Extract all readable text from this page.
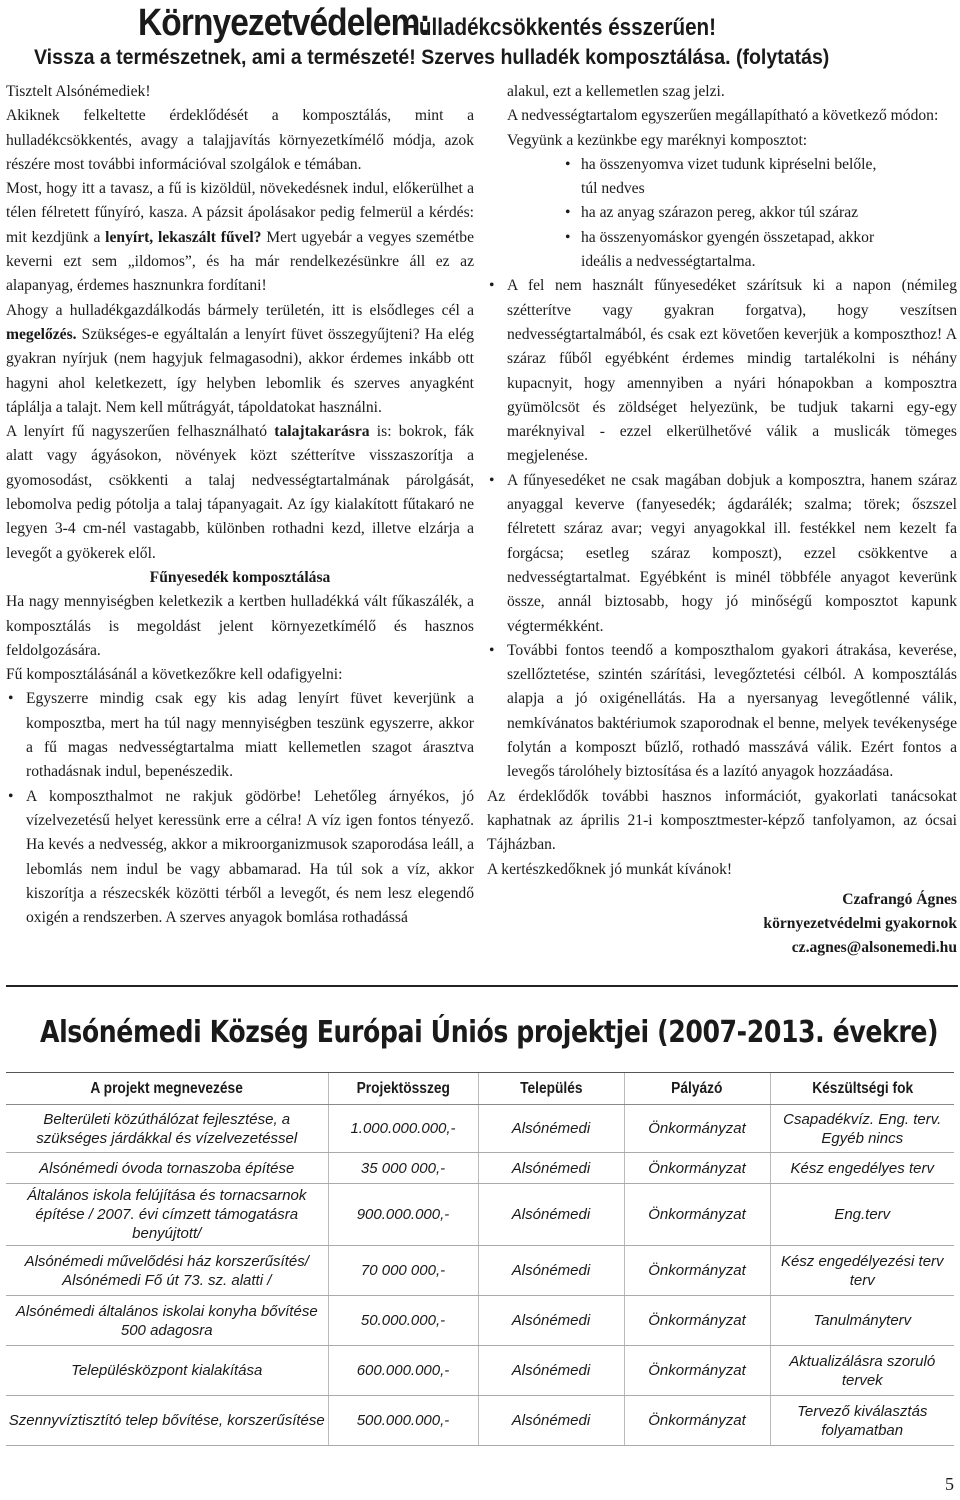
Környezetvédelem: Hulladékcsökkentés ésszerűen!
Vissza a természetnek, ami a természeté! Szerves hulladék komposztálása. (folytatás)

Tisztelt Alsónémediek!

Akiknek felkeltette érdeklődését a komposztálás, mint a hulladékcsökkentés, avagy a talajjavítás környezetkímélő módja, azok részére most további információval szolgálok e témában.

Most, hogy itt a tavasz, a fű is kizöldül, növekedésnek indul, előkerülhet a télen félretett fűnyíró, kasza. A pázsit ápolásakor pedig felmerül a kérdés: mit kezdjünk a lenyírt, lekaszált fűvel? Mert ugyebár a vegyes szemétbe keverni ezt sem „ildomos”, és ha már rendelkezésünkre áll ez az alapanyag, érdemes hasznunkra fordítani!

Ahogy a hulladékgazdálkodás bármely területén, itt is elsődleges cél a megelőzés. Szükséges-e egyáltalán a lenyírt füvet összegyűjteni? Ha elég gyakran nyírjuk (nem hagyjuk felmagasodni), akkor érdemes inkább ott hagyni ahol keletkezett, így helyben lebomlik és szerves anyagként táplálja a talajt. Nem kell műtrágyát, tápoldatokat használni.

A lenyírt fű nagyszerűen felhasználható talajtakarásra is: bokrok, fák alatt vagy ágyásokon, növények közt szétterítve visszaszorítja a gyomosodást, csökkenti a talaj nedvességtartalmának párolgását, lebomolva pedig pótolja a talaj tápanyagait. Az így kialakított fűtakaró ne legyen 3-4 cm-nél vastagabb, különben rothadni kezd, illetve elzárja a levegőt a gyökerek elől.

Fűnyesedék komposztálása

Ha nagy mennyiségben keletkezik a kertben hulladékká vált fűkaszálék, a komposztálás is megoldást jelent környezetkímélő és hasznos feldolgozására.

Fű komposztálásánál a következőkre kell odafigyelni:

• Egyszerre mindig csak egy kis adag lenyírt füvet keverjünk a komposztba, mert ha túl nagy mennyiségben teszünk egyszerre, akkor a fű magas nedvességtartalma miatt kellemetlen szagot árasztva rothadásnak indul, bepenészedik.
• A komposzthalmot ne rakjuk gödörbe! Lehetőleg árnyékos, jó vízelvezetésű helyet keressünk erre a célra! A víz igen fontos tényező. Ha kevés a nedvesség, akkor a mikroorganizmusok szaporodása leáll, a lebomlás nem indul be vagy abbamarad. Ha túl sok a víz, akkor kiszorítja a részecskék közötti térből a levegőt, és nem lesz elegendő oxigén a rendszerben. A szerves anyagok bomlása rothadássá

alakul, ezt a kellemetlen szag jelzi.

A nedvességtartalom egyszerűen megállapítható a következő módon:

Vegyünk a kezünkbe egy maréknyi komposztot:

• ha összenyomva vizet tudunk kipréselni belőle,
túl nedves
• ha az anyag szárazon pereg, akkor túl száraz
• ha összenyomáskor gyengén összetapad, akkor
ideális a nedvességtartalma.
• A fel nem használt fűnyesedéket szárítsuk ki a napon (némileg szétterítve vagy gyakran forgatva), hogy veszítsen nedvességtartalmából, és csak ezt követően keverjük a komposzthoz! A száraz fűből egyébként érdemes mindig tartalékolni is néhány kupacnyit, hogy amennyiben a nyári hónapokban a komposztra gyümölcsöt és zöldséget helyezünk, be tudjuk takarni egy-egy maréknyival - ezzel elkerülhetővé válik a muslicák tömeges megjelenése.
• A fűnyesedéket ne csak magában dobjuk a komposztra, hanem száraz anyaggal keverve (fanyesedék; ágdarálék; szalma; törek; őszszel félretett száraz avar; vegyi anyagokkal ill. festékkel nem kezelt fa forgácsa; esetleg száraz komposzt), ezzel csökkentve a nedvességtartalmat. Egyébként is minél többféle anyagot keverünk össze, annál biztosabb, hogy jó minőségű komposztot kapunk végtermékként.
• További fontos teendő a komposzthalom gyakori átrakása, keverése, szellőztetése, szintén szárítási, levegőztetési célból. A komposztálás alapja a jó oxigénellátás. Ha a nyersanyag levegőtlenné válik, nemkívánatos baktériumok szaporodnak el benne, melyek tevékenysége folytán a komposzt bűzlő, rothadó masszává válik. Ezért fontos a levegős tárolóhely biztosítása és a lazító anyagok hozzáadása.

Az érdeklődők további hasznos információt, gyakorlati tanácsokat kaphatnak az április 21-i komposztmester-képző tanfolyamon, az ócsai Tájházban.

A kertészkedőknek jó munkát kívánok!

Czafrangó Ágnes

környezetvédelmi gyakornok

cz.agnes@alsonemedi.hu

Alsónémedi Község Európai Úniós projektjei (2007-2013. évekre)
A projekt megnevezése	Projektösszeg	Település	Pályázó	Készültségi fok
Belterületi közúthálózat fejlesztése, a szükséges járdákkal és vízelvezetéssel	1.000.000.000,-	Alsónémedi	Önkormányzat	Csapadékvíz. Eng. terv. Egyéb nincs
Alsónémedi óvoda tornaszoba építése	35 000 000,-	Alsónémedi	Önkormányzat	Kész engedélyes terv
Általános iskola felújítása és tornacsarnok építése / 2007. évi címzett támogatásra benyújtott/	900.000.000,-	Alsónémedi	Önkormányzat	Eng.terv
Alsónémedi művelődési ház korszerűsítés/ Alsónémedi Fő út 73. sz. alatti /	70 000 000,-	Alsónémedi	Önkormányzat	Kész engedélyezési terv terv
Alsónémedi általános iskolai konyha bővítése 500 adagosra	50.000.000,-	Alsónémedi	Önkormányzat	Tanulmányterv
Településközpont kialakítása	600.000.000,-	Alsónémedi	Önkormányzat	Aktualizálásra szoruló tervek
Szennyvíztisztító telep bővítése, korszerűsítése	500.000.000,-	Alsónémedi	Önkormányzat	Tervező kiválasztás folyamatban
5
